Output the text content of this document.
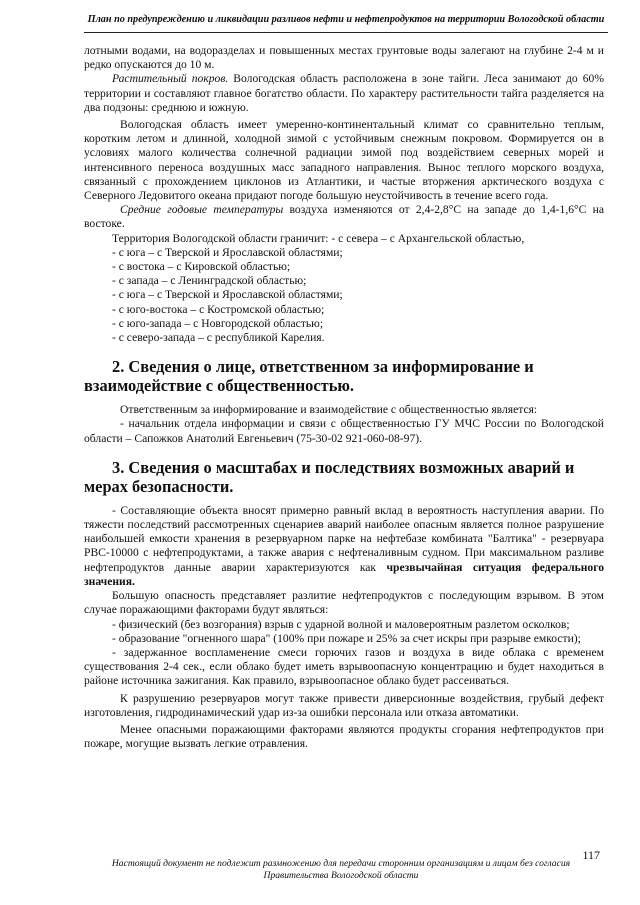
План по предупреждению и ликвидации разливов нефти и нефтепродуктов на территории Вологодской области

лотными водами, на водоразделах и повышенных местах грунтовые воды залегают на глубине 2-4 м и редко опускаются до 10 м.

Растительный покров. Вологодская область расположена в зоне тайги. Леса занимают до 60% территории и составляют главное богатство области. По характеру растительности тайга разделяется на два подзоны: среднюю и южную.

Вологодская область имеет умеренно-континентальный климат со сравнительно теплым, коротким летом и длинной, холодной зимой с устойчивым снежным покровом. Формируется он в условиях малого количества солнечной радиации зимой под воздействием северных морей и интенсивного переноса воздушных масс западного направления. Вынос теплого морского воздуха, связанный с прохождением циклонов из Атлантики, и частые вторжения арктического воздуха с Северного Ледовитого океана придают погоде большую неустойчивость в течение всего года.

Средние годовые температуры воздуха изменяются от 2,4-2,8°С на западе до 1,4-1,6°С на востоке.

Территория Вологодской области граничит: - с севера – с Архангельской областью,

- с юга – с Тверской и Ярославской областями;
- с востока – с Кировской областью;
- с запада – с Ленинградской областью;
- с юга – с Тверской и Ярославской областями;
- с юго-востока – с Костромской областью;
- с юго-запада – с Новгородской областью;
- с северо-запада – с республикой Карелия.
2. Сведения о лице, ответственном за информирование и взаимодействие с общественностью.

Ответственным за информирование и взаимодействие с общественностью является:

- начальник отдела информации и связи с общественностью ГУ МЧС России по Вологодской области – Сапожков Анатолий Евгеньевич (75-30-02 921-060-08-97).

3. Сведения о масштабах и последствиях возможных аварий и мерах безопасности.

- Составляющие объекта вносят примерно равный вклад в вероятность наступления аварии. По тяжести последствий рассмотренных сценариев аварий наиболее опасным является полное разрушение наибольшей емкости хранения в резервуарном парке на нефтебазе комбината "Балтика" - резервуара РВС-10000 с нефтепродуктами, а также авария с нефтеналивным судном. При максимальном разливе нефтепродуктов данные аварии характеризуются как чрезвычайная ситуация федерального значения.

Большую опасность представляет разлитие нефтепродуктов с последующим взрывом. В этом случае поражающими факторами будут являться:

- физический (без возгорания) взрыв с ударной волной и маловероятным разлетом осколков;

- образование "огненного шара" (100% при пожаре и 25% за счет искры при разрыве емкости);

- задержанное воспламенение смеси горючих газов и воздуха в виде облака с временем существования 2-4 сек., если облако будет иметь взрывоопасную концентрацию и будет находиться в районе источника зажигания. Как правило, взрывоопасное облако будет рассеиваться.

К разрушению резервуаров могут также привести диверсионные воздействия, грубый дефект изготовления, гидродинамический удар из-за ошибки персонала или отказа автоматики.

Менее опасными поражающими факторами являются продукты сгорания нефтепродуктов при пожаре, могущие вызвать легкие отравления.

117
Настоящий документ не подлежит размножению для передачи сторонним организациям и лицам без согласия Правительства Вологодской области
